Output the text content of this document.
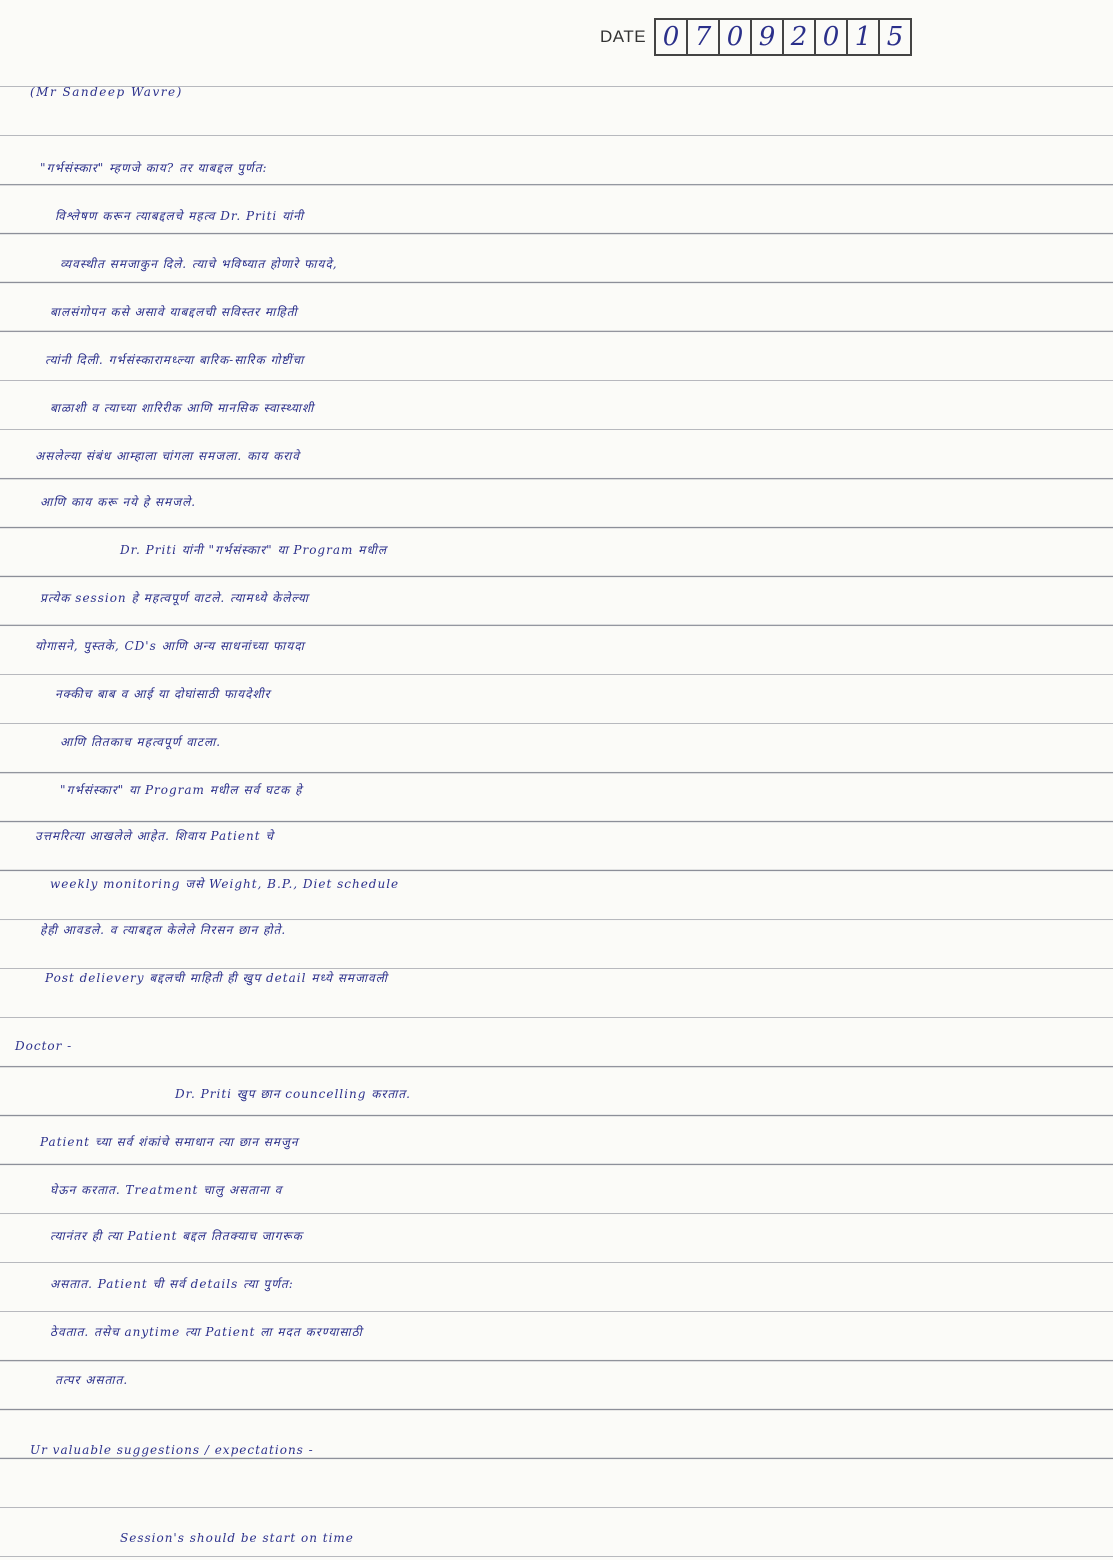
DATE 0 7 0 9 2 0 1 5
(Mr Sandeep Wavre)
"गर्भसंस्कार" म्हणजे काय? तर याबद्दल पुर्णत:
विश्लेषण करून त्याबद्दलचे महत्व Dr. Priti यांनी
व्यवस्थीत समजाकुन दिले. त्याचे भविष्यात होणारे फायदे,
बालसंगोपन कसे असावे याबद्दलची सविस्तर माहिती
त्यांनी दिली. गर्भसंस्कारामध्ल्या बारिक-सारिक गोष्टींचा
बाळाशी व त्याच्या शारिरीक आणि मानसिक स्वास्थ्याशी
असलेल्या संबंध आम्हाला चांगला समजला. काय करावे
आणि काय करू नये हे समजले.
Dr. Priti यांनी "गर्भसंस्कार" या Program मधील
प्रत्येक session हे महत्वपूर्ण वाटले. त्यामध्ये केलेल्या
योगासने, पुस्तके, CD's आणि अन्य साधनांच्या फायदा
नक्कीच बाब व आई या दोघांसाठी फायदेशीर
आणि तितकाच महत्वपूर्ण वाटला.
"गर्भसंस्कार" या Program मधील सर्व घटक हे
उत्तमरित्या आखलेले आहेत. शिवाय Patient चे
weekly monitoring जसे Weight, B.P., Diet schedule
हेही आवडले. व त्याबद्दल केलेले निरसन छान होते.
Post delievery बद्दलची माहिती ही खुप detail मध्ये समजावली
Doctor -
Dr. Priti खुप छान councelling करतात.
Patient च्या सर्व शंकांचे समाधान त्या छान समजुन
घेऊन करतात. Treatment चालु असताना व
त्यानंतर ही त्या Patient बद्दल तितक्याच जागरूक
असतात. Patient ची सर्व details त्या पुर्णत:
ठेवतात. तसेच anytime त्या Patient ला मदत करण्यासाठी
तत्पर असतात.
Ur valuable suggestions / expectations -
Session's should be start on time
